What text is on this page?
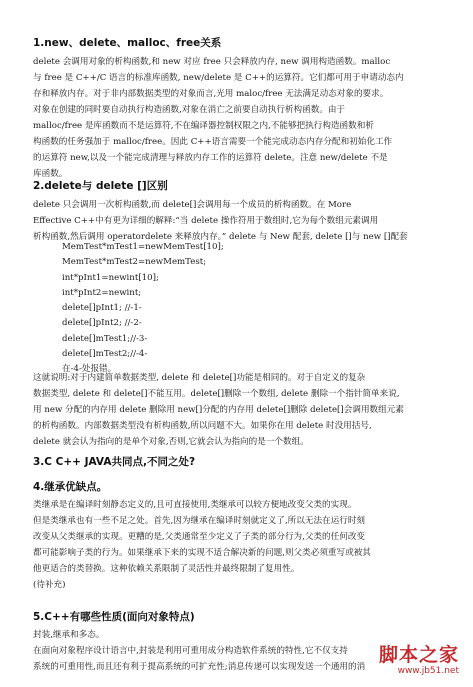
1.new、delete、malloc、free关系
delete 会调用对象的析构函数,和 new 对应 free 只会释放内存, new 调用构造函数。malloc
与 free 是 C++/C 语言的标准库函数, new/delete 是 C++的运算符。它们都可用于申请动态内
存和释放内存。对于非内部数据类型的对象而言,光用 maloc/free 无法满足动态对象的要求。
对象在创建的同时要自动执行构造函数,对象在消亡之前要自动执行析构函数。由于
malloc/free 是库函数而不是运算符,不在编译器控制权限之内,不能够把执行构造函数和析
构函数的任务强加于 malloc/free。因此 C++语言需要一个能完成动态内存分配和初始化工作
的运算符 new,以及一个能完成清理与释放内存工作的运算符 delete。注意 new/delete 不是
库函数。
2.delete与 delete []区别
delete 只会调用一次析构函数,而 delete[]会调用每一个成员的析构函数。在 More
Effective C++中有更为详细的解释:“当 delete 操作符用于数组时,它为每个数组元素调用
析构函数,然后调用 operatordelete 来释放内存。” delete 与 New 配套, delete []与 new []配套
MemTest*mTest1=newMemTest[10];
MemTest*mTest2=newMemTest;
int*pInt1=newint[10];
int*pInt2=newint;
delete[]pInt1; //-1-
delete[]pInt2; //-2-
delete[]mTest1;//-3-
delete[]mTest2;//-4-
在-4-处报错。
这就说明:对于内建简单数据类型, delete 和 delete[]功能是相同的。对于自定义的复杂
数据类型, delete 和 delete[]不能互用。delete[]删除一个数组, delete 删除一个指针简单来说,
用 new 分配的内存用 delete 删除用 new[]分配的内存用 delete[]删除 delete[]会调用数组元素
的析构函数。内部数据类型没有析构函数,所以问题不大。如果你在用 delete 时没用括号,
delete 就会认为指向的是单个对象,否则,它就会认为指向的是一个数组。
3.C C++ JAVA共同点,不同之处?
4.继承优缺点。
类继承是在编译时刻静态定义的,且可直接使用,类继承可以较方便地改变父类的实现。
但是类继承也有一些不足之处。首先,因为继承在编译时刻就定义了,所以无法在运行时刻
改变从父类继承的实现。更糟的是,父类通常至少定义了子类的部分行为,父类的任何改变
都可能影响子类的行为。如果继承下来的实现不适合解决新的问题,则父类必须重写或被其
他更适合的类替换。这种依赖关系限制了灵活性并最终限制了复用性。
(待补充)
5.C++有哪些性质(面向对象特点)
封装,继承和多态。
在面向对象程序设计语言中,封装是利用可重用成分构造软件系统的特性,它不仅支持
系统的可重用性,而且还有利于提高系统的可扩充性;消息传递可以实现发送一个通用的消
脚本之家
www.jb51.net
